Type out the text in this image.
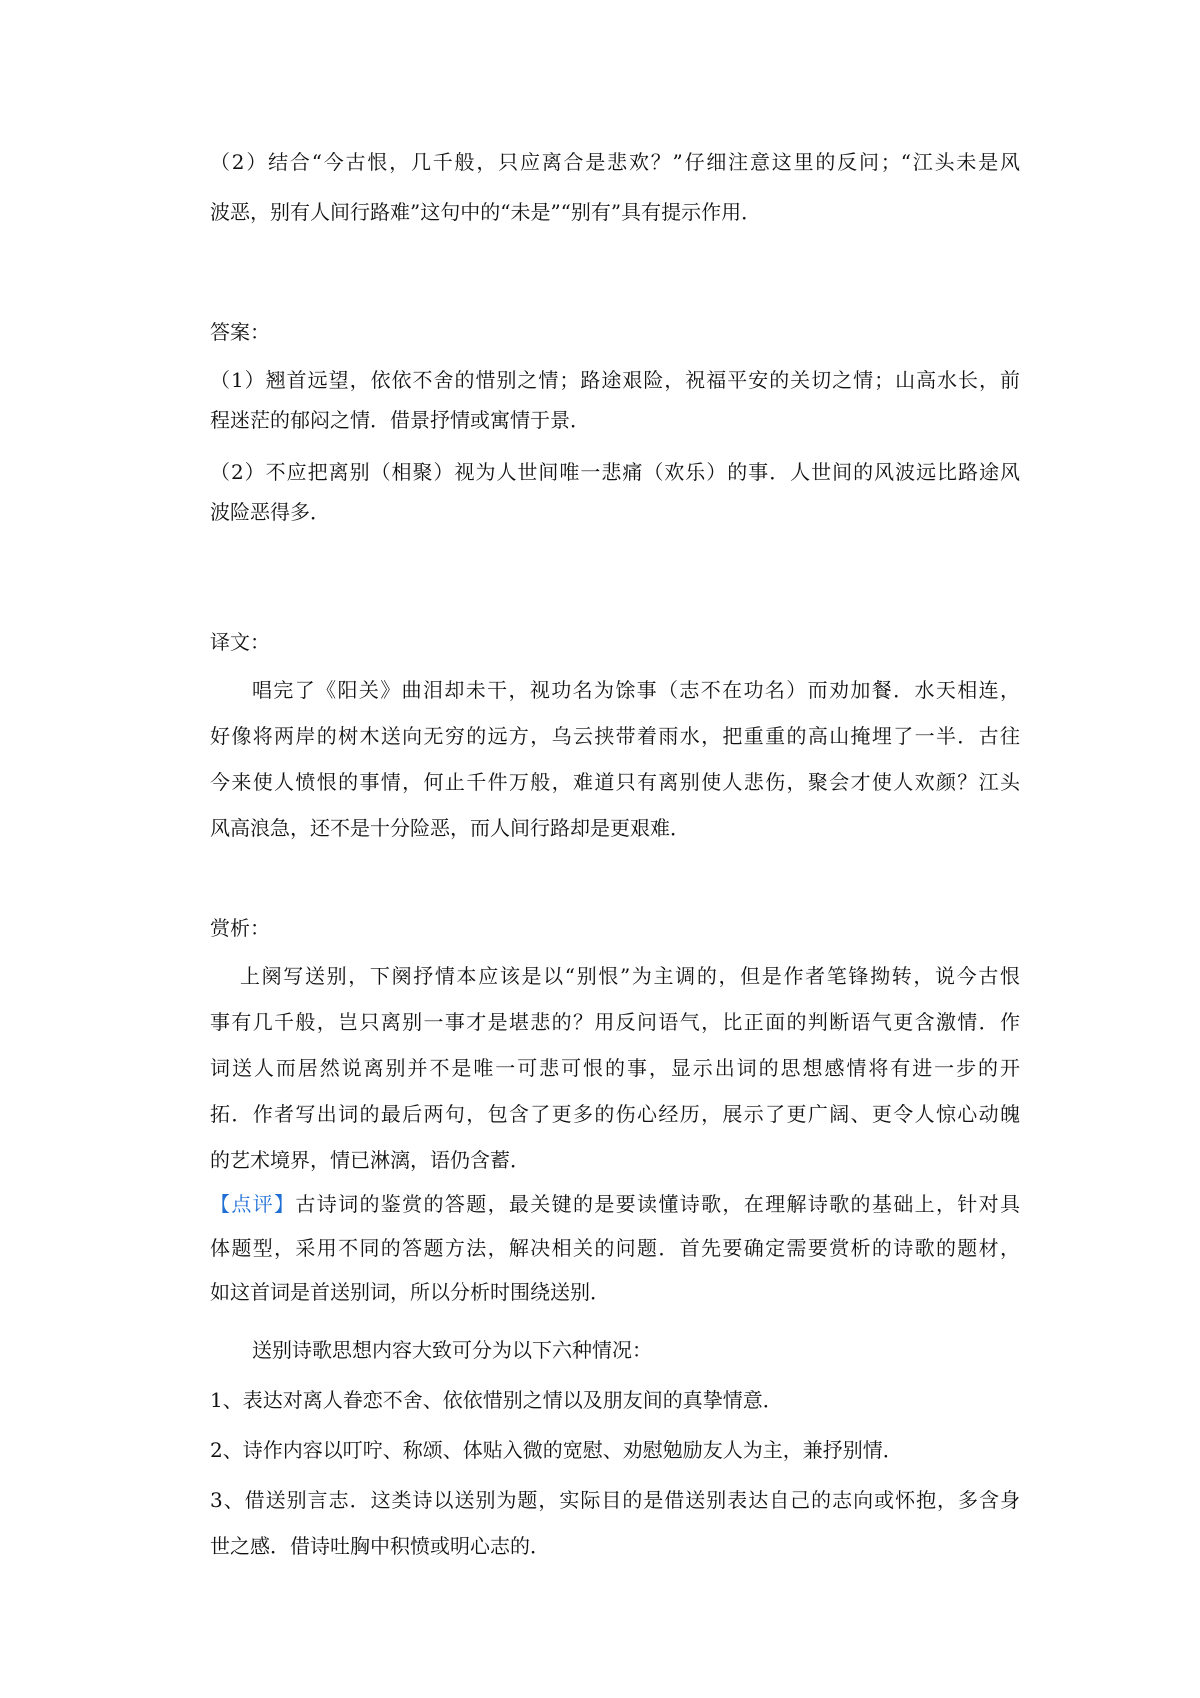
（2）结合“今古恨，几千般，只应离合是悲欢？”仔细注意这里的反问；“江头未是风
波恶，别有人间行路难”这句中的“未是”“别有”具有提示作用．
答案：
（1）翘首远望，依依不舍的惜别之情；路途艰险，祝福平安的关切之情；山高水长，前
程迷茫的郁闷之情．借景抒情或寓情于景．
（2）不应把离别（相聚）视为人世间唯一悲痛（欢乐）的事．人世间的风波远比路途风
波险恶得多．
译文：
唱完了《阳关》曲泪却未干，视功名为馀事（志不在功名）而劝加餐．水天相连，
好像将两岸的树木送向无穷的远方，乌云挟带着雨水，把重重的高山掩埋了一半．古往
今来使人愤恨的事情，何止千件万般，难道只有离别使人悲伤，聚会才使人欢颜？江头
风高浪急，还不是十分险恶，而人间行路却是更艰难．
赏析：
上阕写送别，下阕抒情本应该是以“别恨”为主调的，但是作者笔锋拗转，说今古恨
事有几千般，岂只离别一事才是堪悲的？用反问语气，比正面的判断语气更含激情．作
词送人而居然说离别并不是唯一可悲可恨的事，显示出词的思想感情将有进一步的开
拓．作者写出词的最后两句，包含了更多的伤心经历，展示了更广阔、更令人惊心动魄
的艺术境界，情已淋漓，语仍含蓄．
【点评】古诗词的鉴赏的答题，最关键的是要读懂诗歌，在理解诗歌的基础上，针对具
体题型，采用不同的答题方法，解决相关的问题．首先要确定需要赏析的诗歌的题材，
如这首词是首送别词，所以分析时围绕送别．
送别诗歌思想内容大致可分为以下六种情况：
1、表达对离人眷恋不舍、依依惜别之情以及朋友间的真挚情意．
2、诗作内容以叮咛、称颂、体贴入微的宽慰、劝慰勉励友人为主，兼抒别情．
3、借送别言志．这类诗以送别为题，实际目的是借送别表达自己的志向或怀抱，多含身
世之感．借诗吐胸中积愤或明心志的．
